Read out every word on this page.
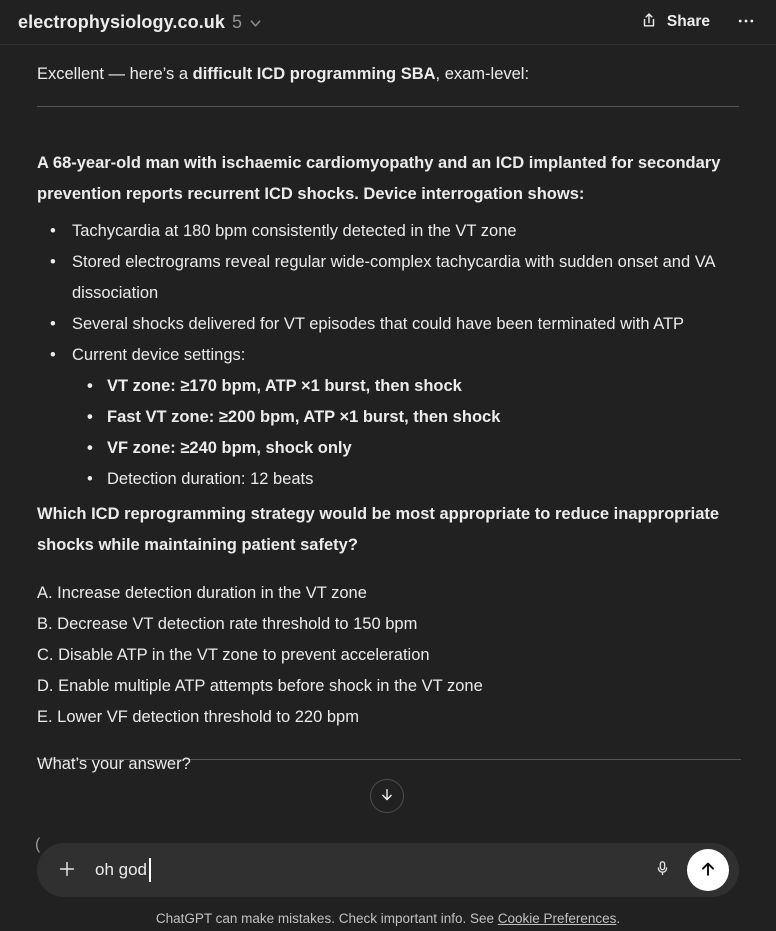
electrophysiology.co.uk 5	Share

Excellent — here’s a difficult ICD programming SBA, exam-level:

A 68-year-old man with ischaemic cardiomyopathy and an ICD implanted for secondary prevention reports recurrent ICD shocks. Device interrogation shows:

• Tachycardia at 180 bpm consistently detected in the VT zone
• Stored electrograms reveal regular wide-complex tachycardia with sudden onset and VA dissociation
• Several shocks delivered for VT episodes that could have been terminated with ATP
• Current device settings:
• VT zone: ≥170 bpm, ATP ×1 burst, then shock
• Fast VT zone: ≥200 bpm, ATP ×1 burst, then shock
• VF zone: ≥240 bpm, shock only
• Detection duration: 12 beats

Which ICD reprogramming strategy would be most appropriate to reduce inappropriate shocks while maintaining patient safety?

A. Increase detection duration in the VT zone
B. Decrease VT detection rate threshold to 150 bpm
C. Disable ATP in the VT zone to prevent acceleration
D. Enable multiple ATP attempts before shock in the VT zone
E. Lower VF detection threshold to 220 bpm

What’s your answer?

(
oh god
ChatGPT can make mistakes. Check important info. See Cookie Preferences.
